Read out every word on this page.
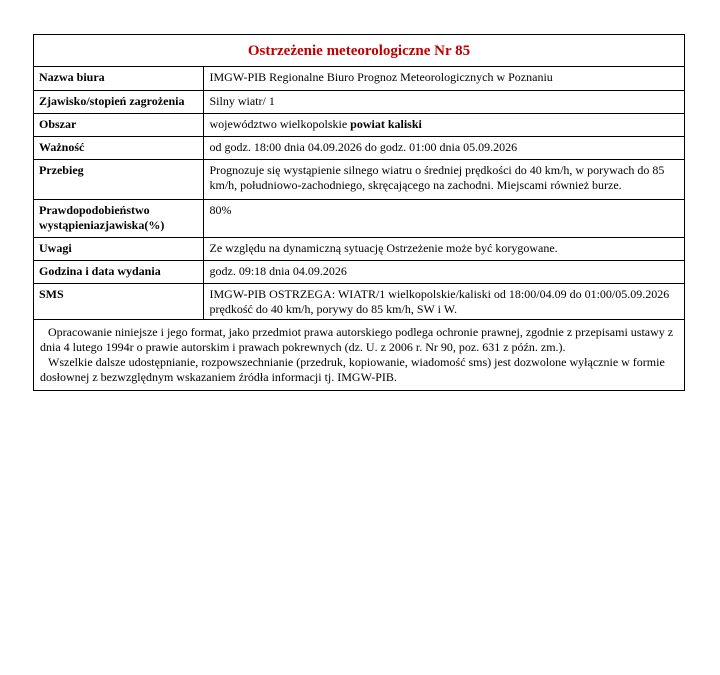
Ostrzeżenie meteorologiczne Nr 85
Nazwa biura	IMGW-PIB Regionalne Biuro Prognoz Meteorologicznych w Poznaniu
Zjawisko/stopień zagrożenia	Silny wiatr/ 1
Obszar	województwo wielkopolskie powiat kaliski
Ważność	od godz. 18:00 dnia 04.09.2026 do godz. 01:00 dnia 05.09.2026
Przebieg	Prognozuje się wystąpienie silnego wiatru o średniej prędkości do 40 km/h, w porywach do 85 km/h, południowo-zachodniego, skręcającego na zachodni. Miejscami również burze.
Prawdopodobieństwo wystąpieniazjawiska(%)	80%
Uwagi	Ze względu na dynamiczną sytuację Ostrzeżenie może być korygowane.
Godzina i data wydania	godz. 09:18 dnia 04.09.2026
SMS	IMGW-PIB OSTRZEGA: WIATR/1 wielkopolskie/kaliski od 18:00/04.09 do 01:00/05.09.2026 prędkość do 40 km/h, porywy do 85 km/h, SW i W.

Opracowanie niniejsze i jego format, jako przedmiot prawa autorskiego podlega ochronie prawnej, zgodnie z przepisami ustawy z dnia 4 lutego 1994r o prawie autorskim i prawach pokrewnych (dz. U. z 2006 r. Nr 90, poz. 631 z późn. zm.).

Wszelkie dalsze udostępnianie, rozpowszechnianie (przedruk, kopiowanie, wiadomość sms) jest dozwolone wyłącznie w formie dosłownej z bezwzględnym wskazaniem źródła informacji tj. IMGW-PIB.
